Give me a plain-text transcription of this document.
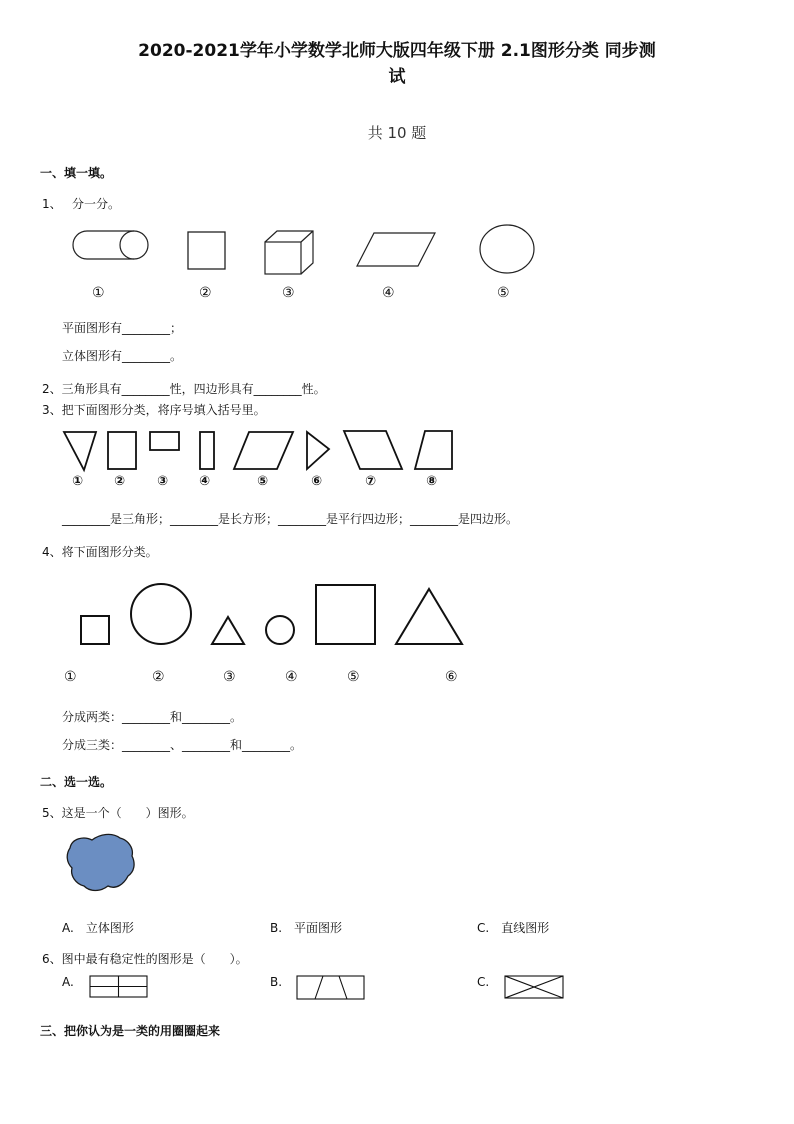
2020-2021学年小学数学北师大版四年级下册 2.1图形分类 同步测
试
共 10 题
一、填一填。
1、 分一分。
①	②	③	④	⑤
平面图形有________；
立体图形有________。
2、三角形具有________性，四边形具有________性。
3、把下面图形分类，将序号填入括号里。
① ② ③ ④	⑤	⑥	⑦	⑧
________是三角形；________是长方形；________是平行四边形；________是四边形。
4、将下面图形分类。
①	②	③	④	⑤	⑥
分成两类：________和________。
分成三类：________、________和________。
二、选一选。
5、这是一个（　　）图形。
A.　立体图形	B.　平面图形	C.　直线图形
6、图中最有稳定性的图形是（　　）。
A.	B.	C.
三、把你认为是一类的用圈圈起来
